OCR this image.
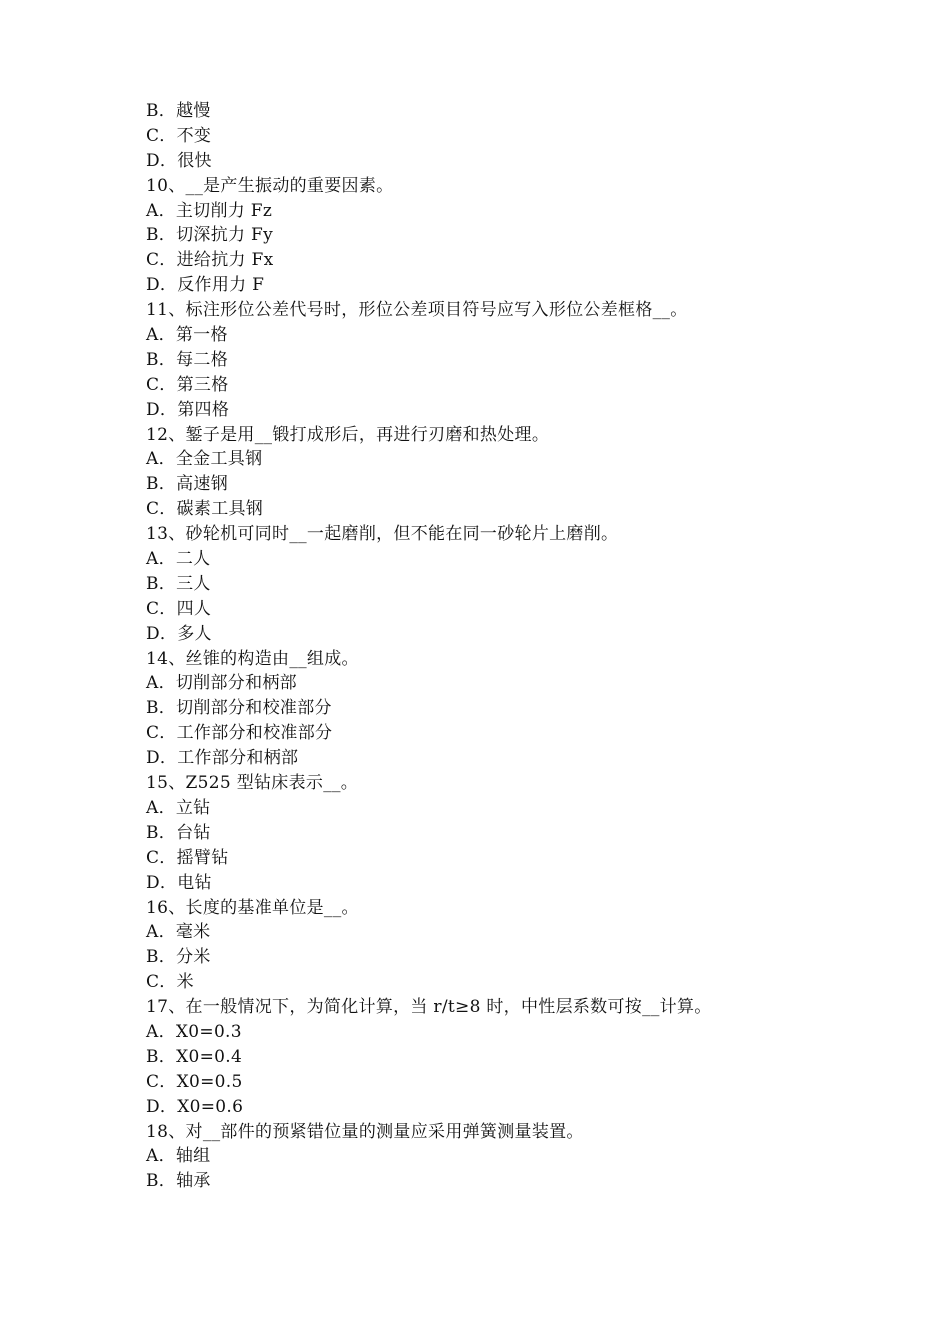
B．越慢
C．不变
D．很快
10、__是产生振动的重要因素。
A．主切削力 Fz
B．切深抗力 Fy
C．进给抗力 Fx
D．反作用力 F
11、标注形位公差代号时，形位公差项目符号应写入形位公差框格__。
A．第一格
B．每二格
C．第三格
D．第四格
12、錾子是用__锻打成形后，再进行刃磨和热处理。
A．全金工具钢
B．高速钢
C．碳素工具钢
13、砂轮机可同时__一起磨削，但不能在同一砂轮片上磨削。
A．二人
B．三人
C．四人
D．多人
14、丝锥的构造由__组成。
A．切削部分和柄部
B．切削部分和校准部分
C．工作部分和校准部分
D．工作部分和柄部
15、Z525 型钻床表示__。
A．立钻
B．台钻
C．摇臂钻
D．电钻
16、长度的基准单位是__。
A．毫米
B．分米
C．米
17、在一般情况下，为简化计算，当 r/t≥8 时，中性层系数可按__计算。
A．X0=0.3
B．X0=0.4
C．X0=0.5
D．X0=0.6
18、对__部件的预紧错位量的测量应采用弹簧测量装置。
A．轴组
B．轴承
